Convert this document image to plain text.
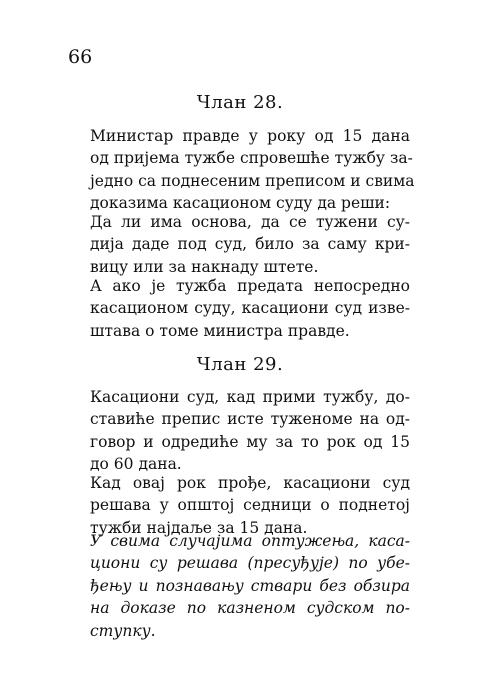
66
Члан 28.
Министар правде у року од 15 дана
од пријема тужбе спровешће тужбу за-
једно са поднесеним преписом и свима
доказима касационом суду да реши:
Да ли има основа, да се тужени су-
дија даде под суд, било за саму кри-
вицу или за накнаду штете.
А ако је тужба предата непосредно
касационом суду, касациони суд изве-
штава о томе министра правде.
Члан 29.
Касациони суд, кад прими тужбу, до-
ставиће препис исте туженоме на од-
говор и одредиће му за то рок од 15
до 60 дана.
Кад овај рок прође, касациони суд
решава у општој седници о поднетој
тужби најдаље за 15 дана.
У свима случајима оптужења, каса-
циони су решава (пресуђује) по убе-
ђењу и познавању ствари без обзира
на доказе по казненом судском по-
ступку.
